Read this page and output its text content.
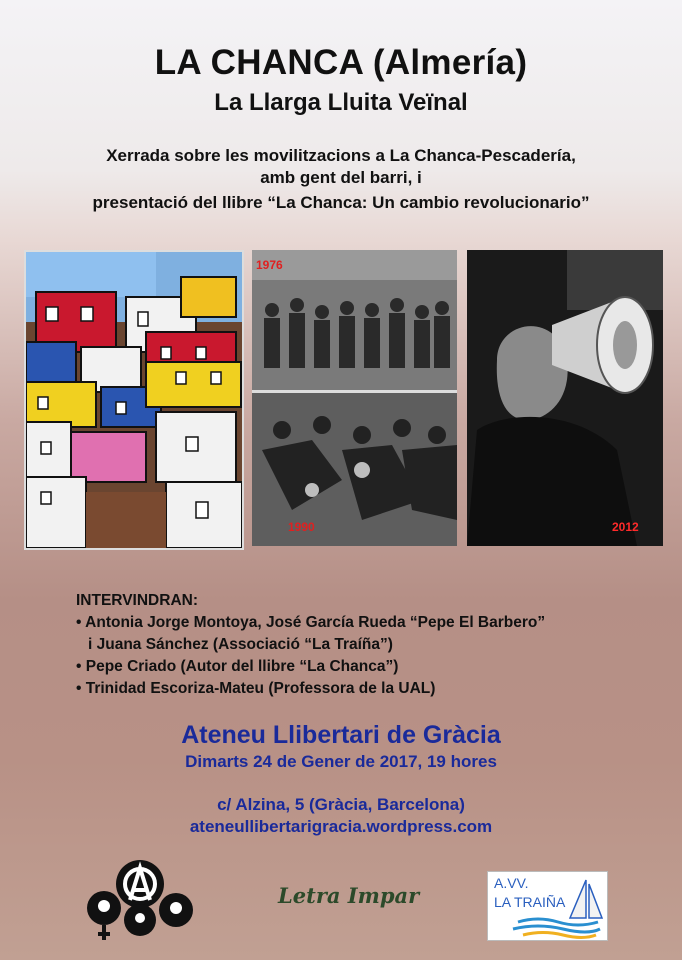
LA CHANCA (Almería)
La Llarga Lluita Veïnal
Xerrada sobre les movilitzacions a La Chanca-Pescadería,
amb gent del barri, i
presentació del llibre “La Chanca: Un cambio revolucionario”
1976
1990	2012
INTERVINDRAN:
• Antonia Jorge Montoya, José García Rueda “Pepe El Barbero”
i Juana Sánchez (Associació “La Traíña”)
• Pepe Criado (Autor del llibre “La Chanca”)
• Trinidad Escoriza-Mateu (Professora de la UAL)
Ateneu Llibertari de Gràcia
Dimarts 24 de Gener de 2017, 19 hores
c/ Alzina, 5 (Gràcia, Barcelona)
ateneullibertarigracia.wordpress.com
Letra Impar	A.VV.
LA TRAIÑA
